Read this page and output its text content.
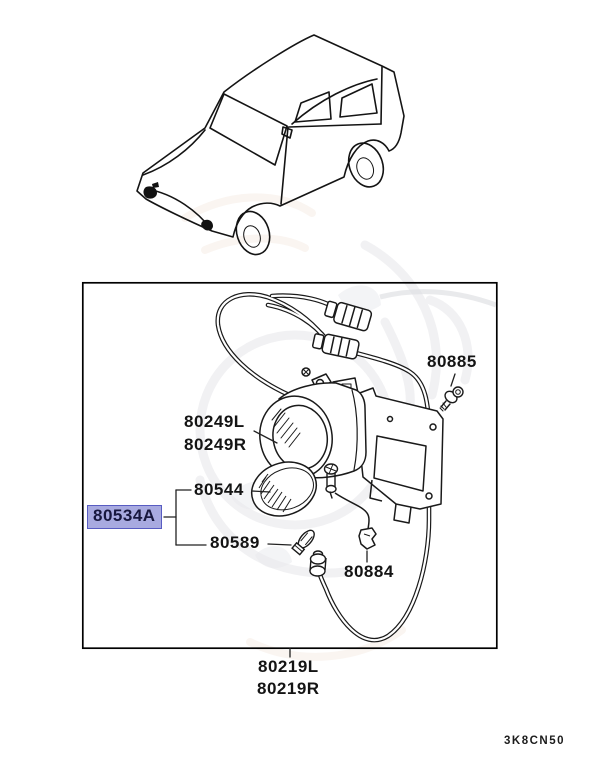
80885
80249L
80249R
80544
80534A
80589
80884
80219L
80219R
3K8CN50
